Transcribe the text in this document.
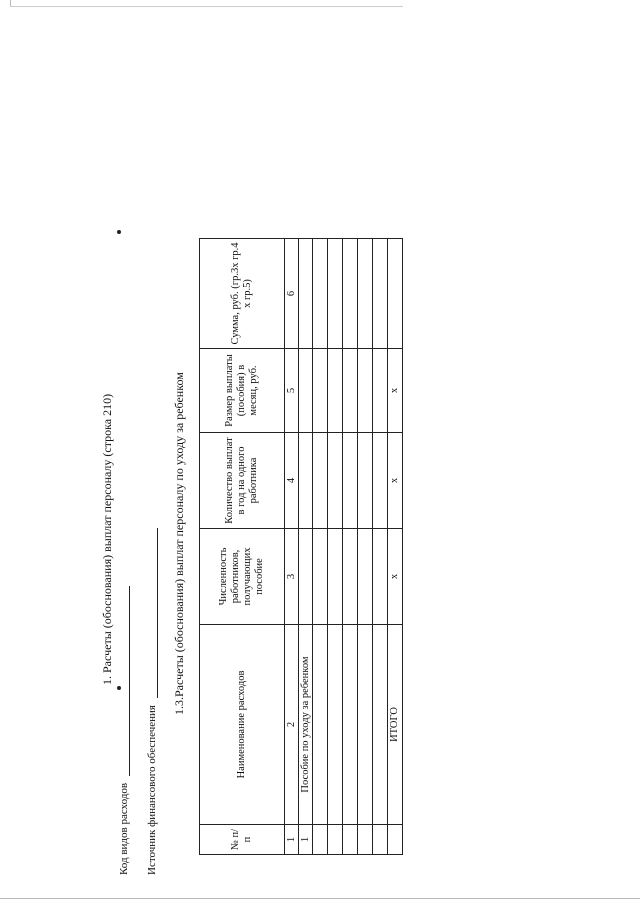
1. Расчеты (обоснования) выплат персоналу (строка 210)
Код видов расходов Источник финансового обеспечения
1.3.Расчеты (обоснования) выплат персоналу по уходу за ребенком
№ п/п	Наименование расходов	Численность работников, получающих пособие	Количество выплат в год на одного работника	Размер выплаты (пособия) в месяц, руб.	Сумма, руб. (гр.3х гр.4 х гр.5)
1	2	3	4	5	6
1	Пособие по уходу за ребенком				

	ИТОГО	х	х	х	
